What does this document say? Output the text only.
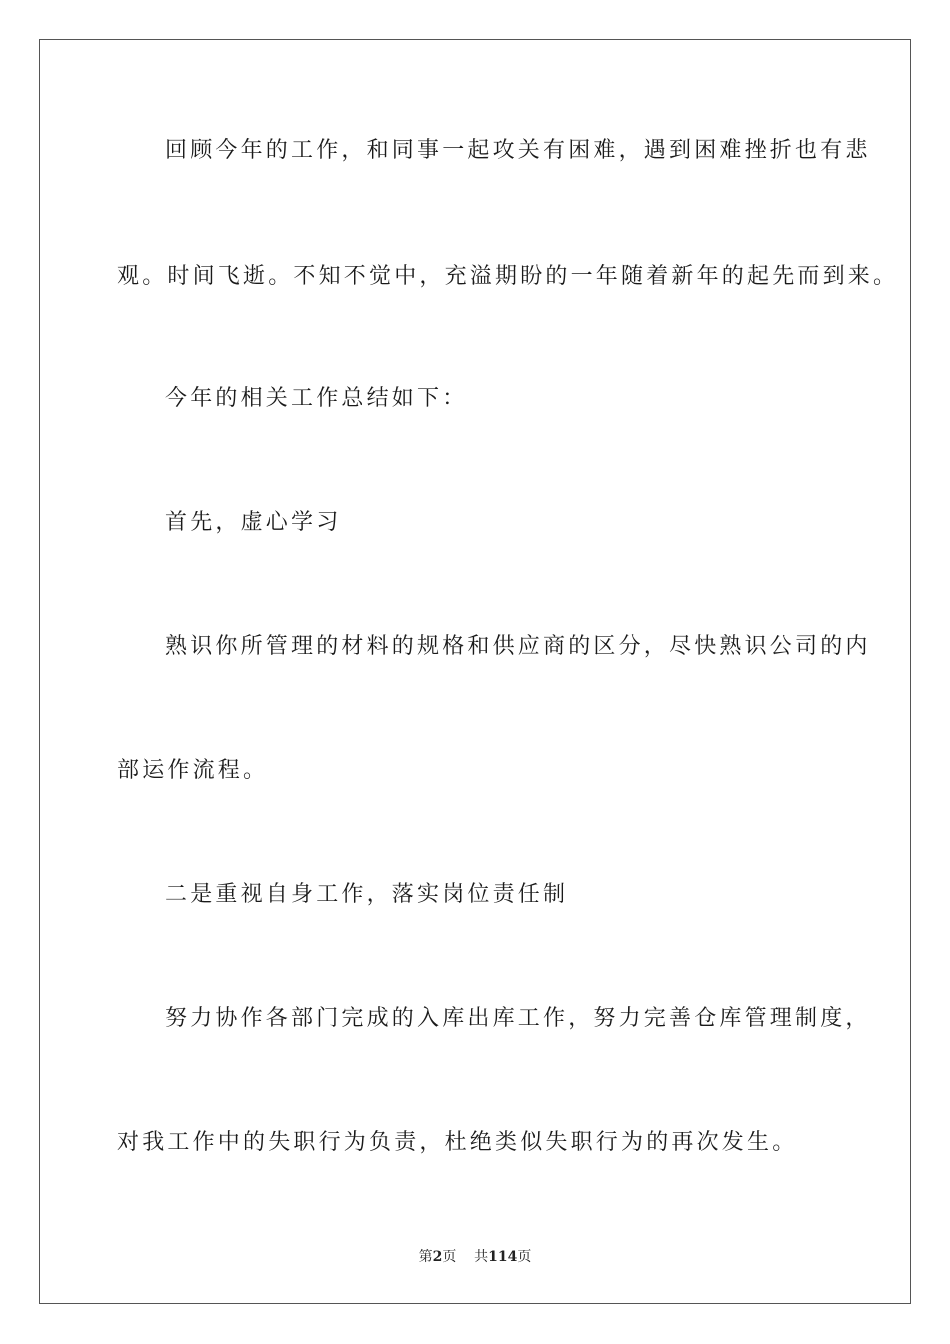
回顾今年的工作，和同事一起攻关有困难，遇到困难挫折也有悲
观。时间飞逝。不知不觉中，充溢期盼的一年随着新年的起先而到来。
今年的相关工作总结如下：
首先，虚心学习
熟识你所管理的材料的规格和供应商的区分，尽快熟识公司的内
部运作流程。
二是重视自身工作，落实岗位责任制
努力协作各部门完成的入库出库工作，努力完善仓库管理制度，
对我工作中的失职行为负责，杜绝类似失职行为的再次发生。
第2页 共114页
